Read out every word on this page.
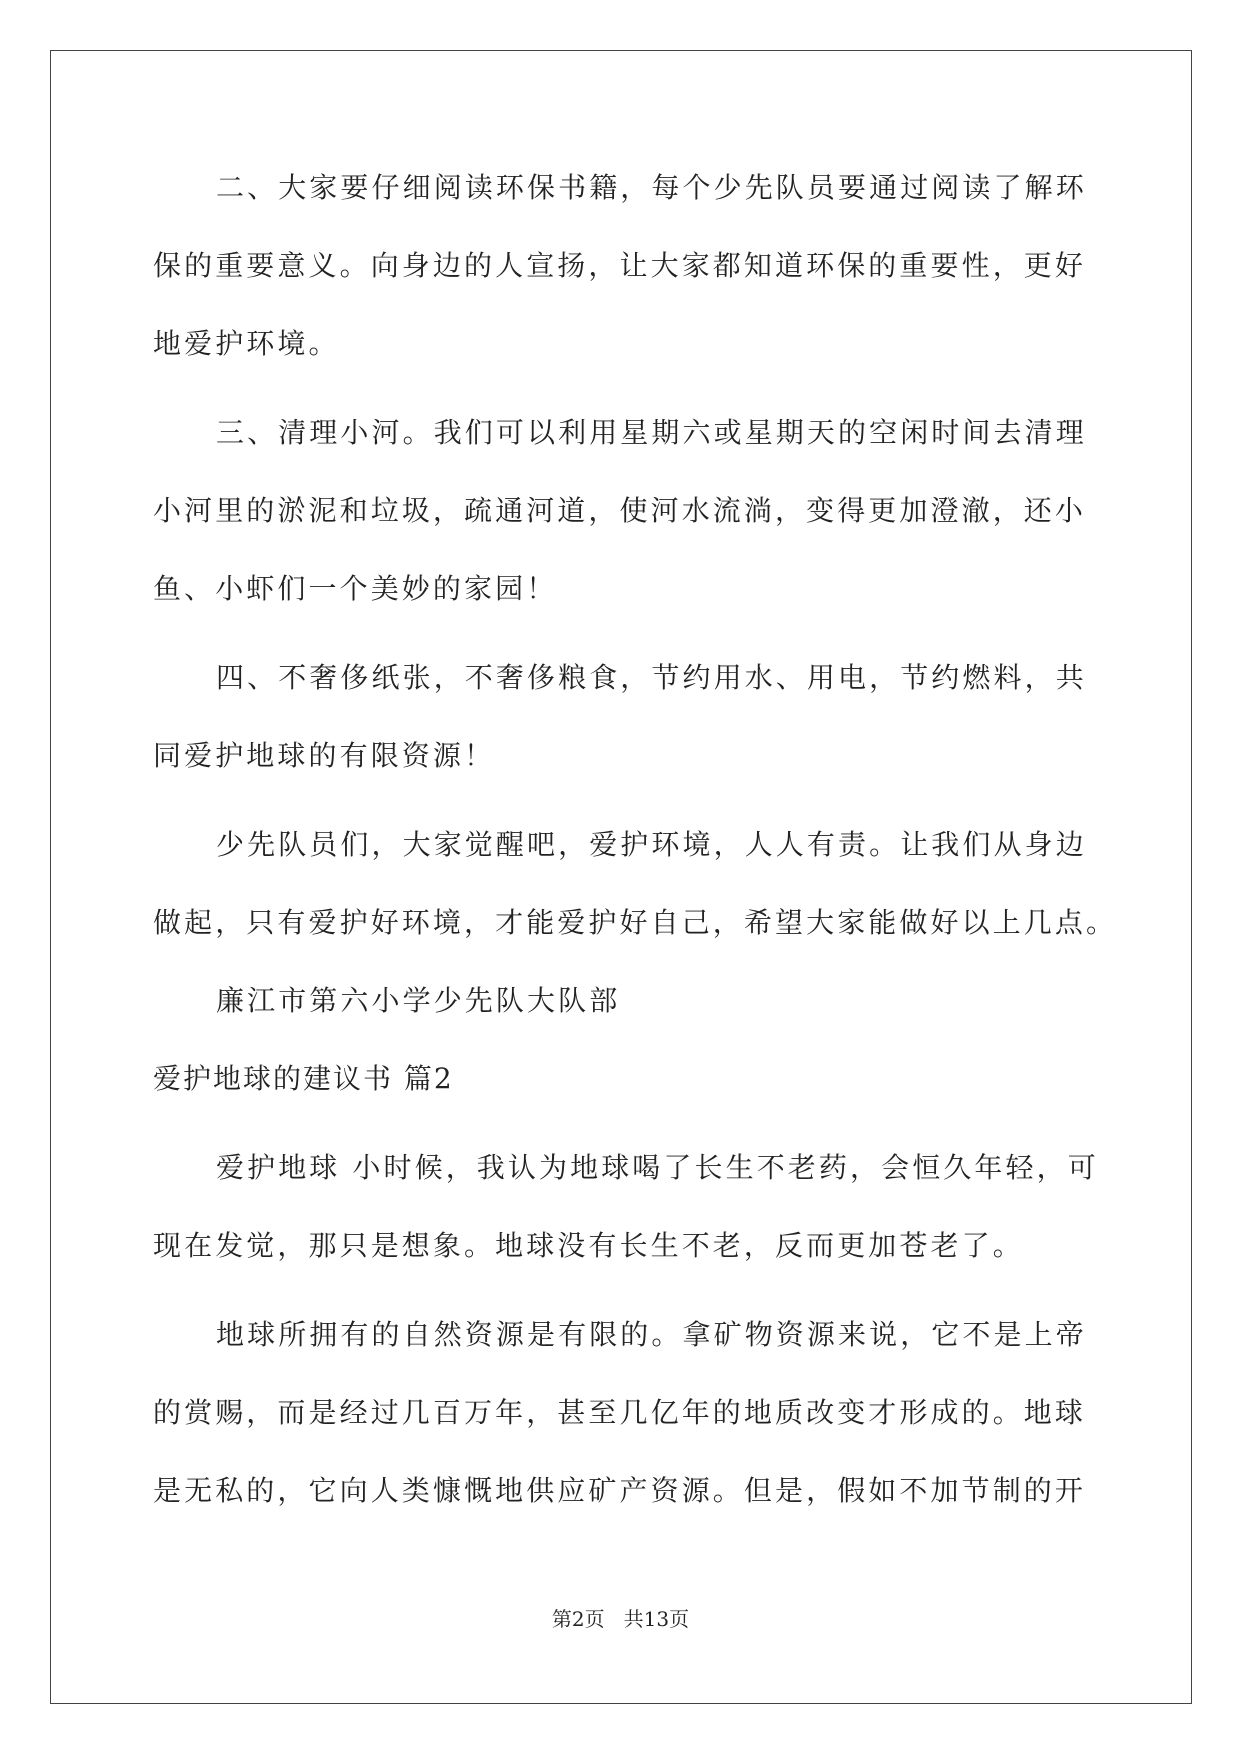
二、大家要仔细阅读环保书籍，每个少先队员要通过阅读了解环
保的重要意义。向身边的人宣扬，让大家都知道环保的重要性，更好
地爱护环境。
三、清理小河。我们可以利用星期六或星期天的空闲时间去清理
小河里的淤泥和垃圾，疏通河道，使河水流淌，变得更加澄澈，还小
鱼、小虾们一个美妙的家园！
四、不奢侈纸张，不奢侈粮食，节约用水、用电，节约燃料，共
同爱护地球的有限资源！
少先队员们，大家觉醒吧，爱护环境，人人有责。让我们从身边
做起，只有爱护好环境，才能爱护好自己，希望大家能做好以上几点。
廉江市第六小学少先队大队部
爱护地球的建议书 篇2
爱护地球 小时候，我认为地球喝了长生不老药，会恒久年轻，可
现在发觉，那只是想象。地球没有长生不老，反而更加苍老了。
地球所拥有的自然资源是有限的。拿矿物资源来说，它不是上帝
的赏赐，而是经过几百万年，甚至几亿年的地质改变才形成的。地球
是无私的，它向人类慷慨地供应矿产资源。但是，假如不加节制的开
第2页   共13页
